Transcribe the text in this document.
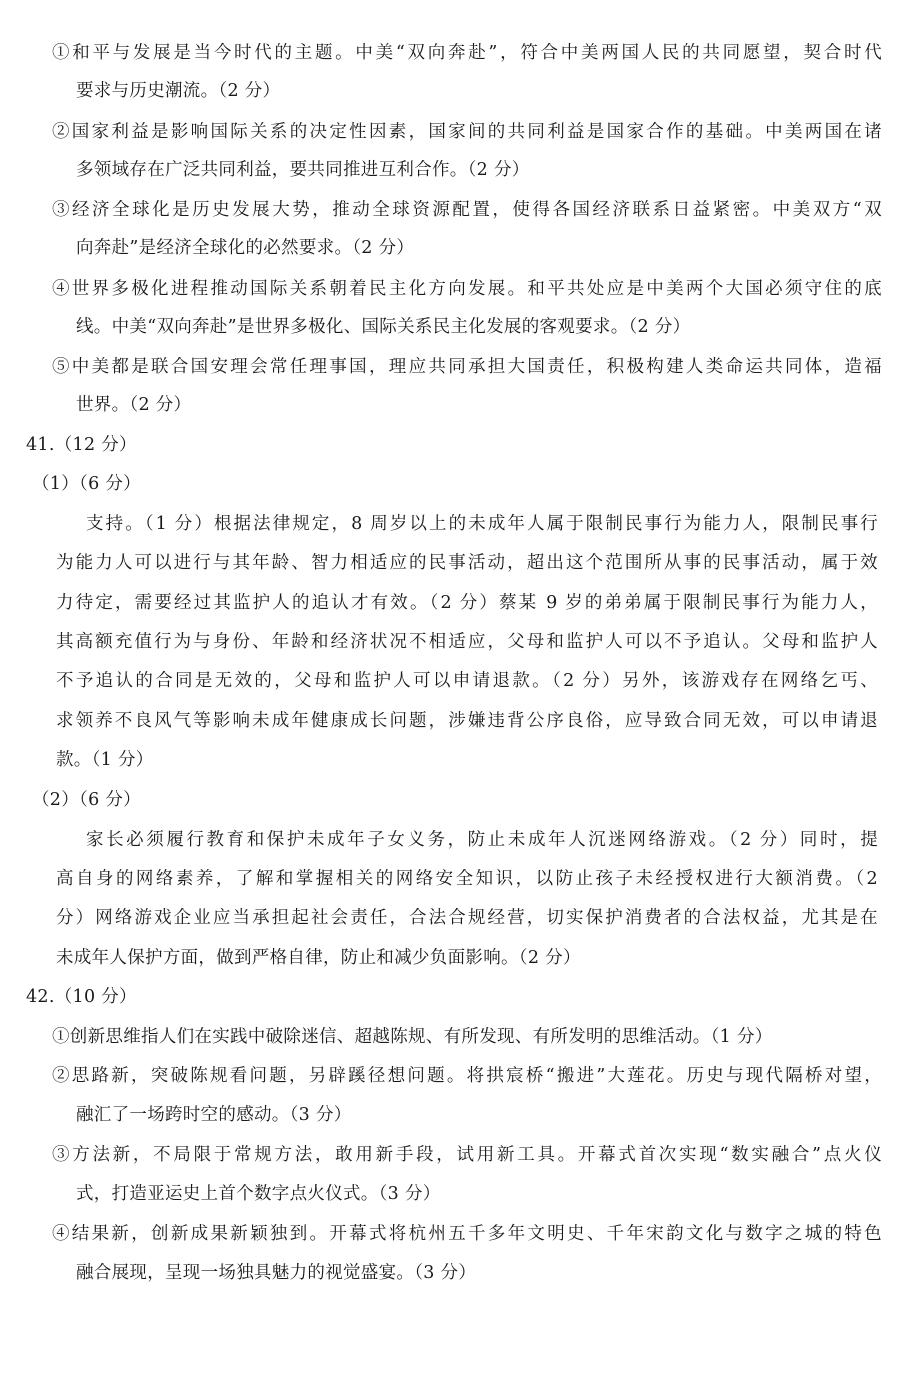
①和平与发展是当今时代的主题。中美“双向奔赴”，符合中美两国人民的共同愿望，契合时代
要求与历史潮流。（2 分）
②国家利益是影响国际关系的决定性因素，国家间的共同利益是国家合作的基础。中美两国在诸
多领域存在广泛共同利益，要共同推进互利合作。（2 分）
③经济全球化是历史发展大势，推动全球资源配置，使得各国经济联系日益紧密。中美双方“双
向奔赴”是经济全球化的必然要求。（2 分）
④世界多极化进程推动国际关系朝着民主化方向发展。和平共处应是中美两个大国必须守住的底
线。中美“双向奔赴”是世界多极化、国际关系民主化发展的客观要求。（2 分）
⑤中美都是联合国安理会常任理事国，理应共同承担大国责任，积极构建人类命运共同体，造福
世界。（2 分）
41.（12 分）
（1）（6 分）
支持。（1 分）根据法律规定，8 周岁以上的未成年人属于限制民事行为能力人，限制民事行
为能力人可以进行与其年龄、智力相适应的民事活动，超出这个范围所从事的民事活动，属于效
力待定，需要经过其监护人的追认才有效。（2 分）蔡某 9 岁的弟弟属于限制民事行为能力人，
其高额充值行为与身份、年龄和经济状况不相适应，父母和监护人可以不予追认。父母和监护人
不予追认的合同是无效的，父母和监护人可以申请退款。（2 分）另外，该游戏存在网络乞丐、
求领养不良风气等影响未成年健康成长问题，涉嫌违背公序良俗，应导致合同无效，可以申请退
款。（1 分）
（2）（6 分）
家长必须履行教育和保护未成年子女义务，防止未成年人沉迷网络游戏。（2 分）同时，提
高自身的网络素养，了解和掌握相关的网络安全知识，以防止孩子未经授权进行大额消费。（2
分）网络游戏企业应当承担起社会责任，合法合规经营，切实保护消费者的合法权益，尤其是在
未成年人保护方面，做到严格自律，防止和减少负面影响。（2 分）
42.（10 分）
①创新思维指人们在实践中破除迷信、超越陈规、有所发现、有所发明的思维活动。（1 分）
②思路新，突破陈规看问题，另辟蹊径想问题。将拱宸桥“搬进”大莲花。历史与现代隔桥对望，
融汇了一场跨时空的感动。（3 分）
③方法新，不局限于常规方法，敢用新手段，试用新工具。开幕式首次实现“数实融合”点火仪
式，打造亚运史上首个数字点火仪式。（3 分）
④结果新，创新成果新颖独到。开幕式将杭州五千多年文明史、千年宋韵文化与数字之城的特色
融合展现，呈现一场独具魅力的视觉盛宴。（3 分）
